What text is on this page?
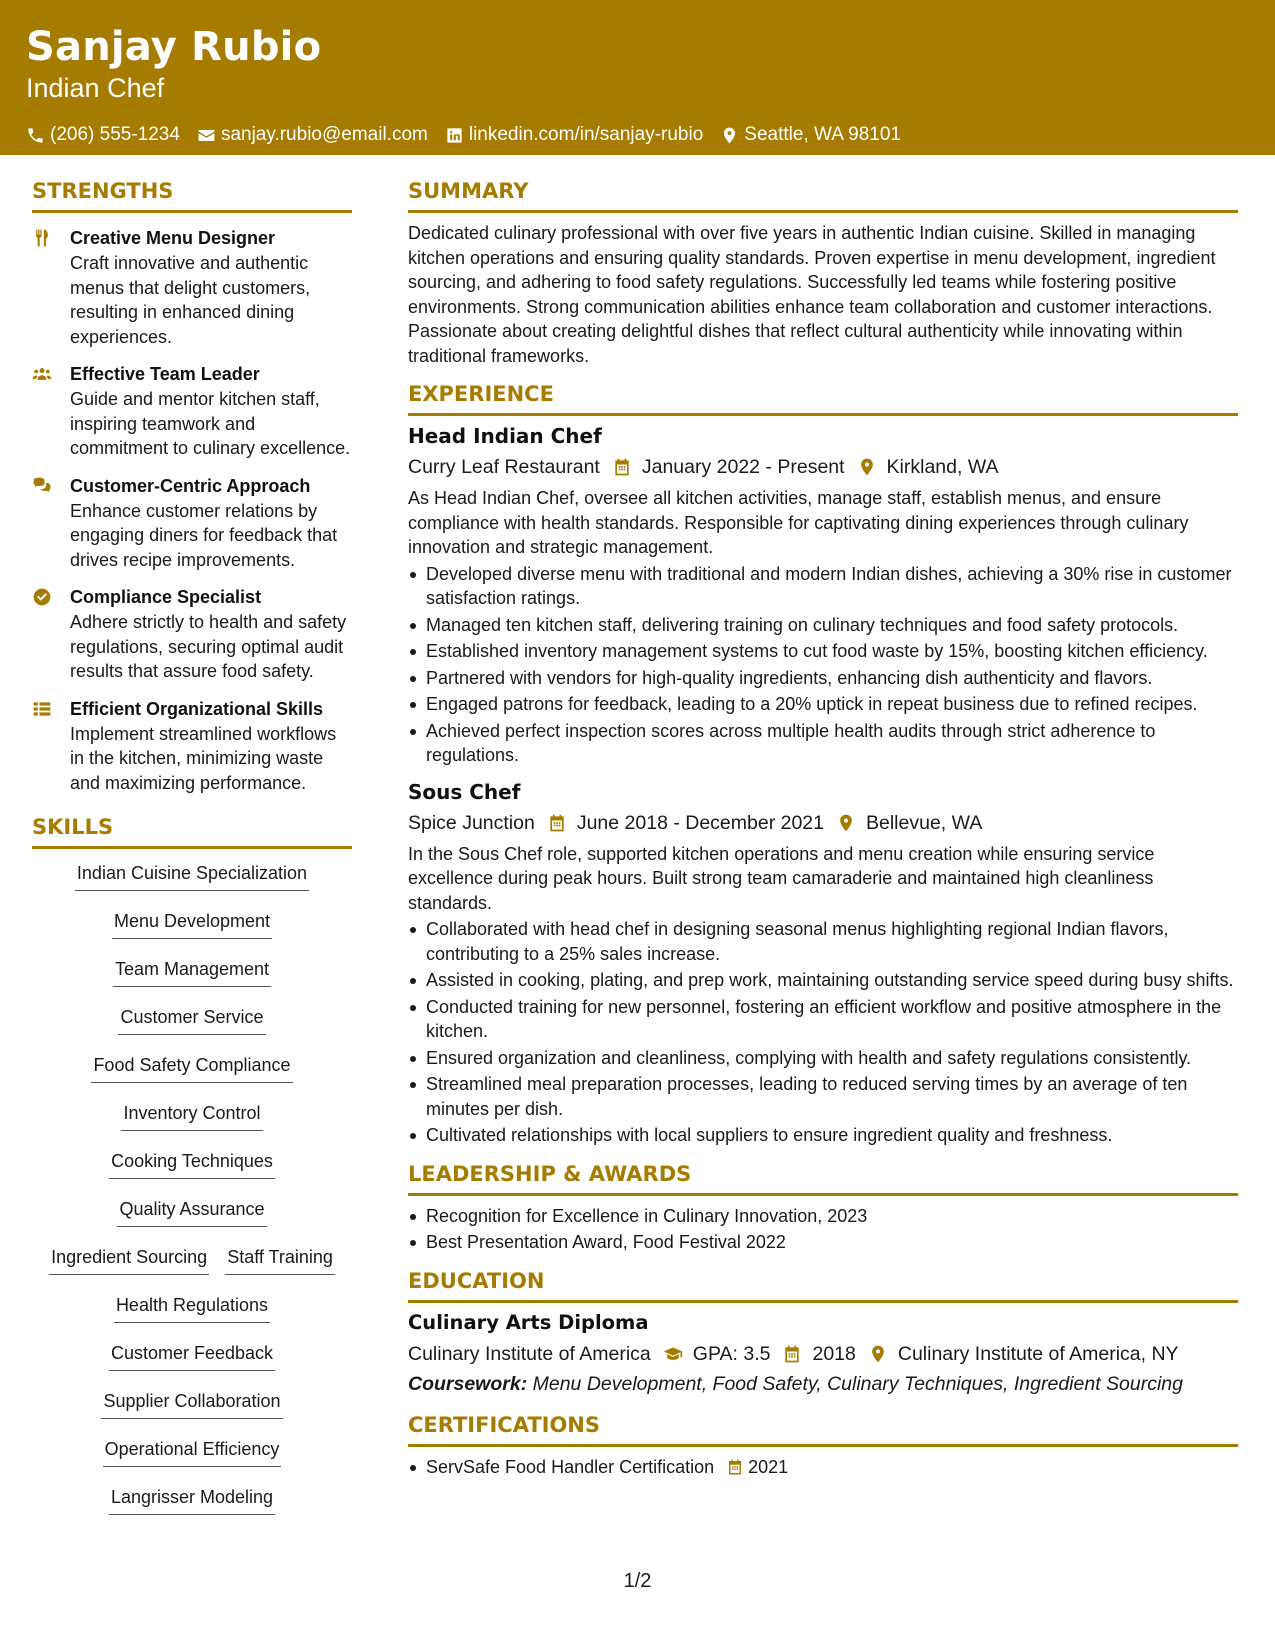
Sanjay Rubio
Indian Chef
(206) 555-1234 sanjay.rubio@email.com linkedin.com/in/sanjay-rubio Seattle, WA 98101
STRENGTHS
Creative Menu Designer
Craft innovative and authentic menus that delight customers, resulting in enhanced dining experiences.
Effective Team Leader
Guide and mentor kitchen staff, inspiring teamwork and commitment to culinary excellence.
Customer-Centric Approach
Enhance customer relations by engaging diners for feedback that drives recipe improvements.
Compliance Specialist
Adhere strictly to health and safety regulations, securing optimal audit results that assure food safety.
Efficient Organizational Skills
Implement streamlined workflows in the kitchen, minimizing waste and maximizing performance.
SKILLS
Indian Cuisine Specialization
Menu Development
Team Management
Customer Service
Food Safety Compliance
Inventory Control
Cooking Techniques
Quality Assurance
Ingredient Sourcing Staff Training
Health Regulations
Customer Feedback
Supplier Collaboration
Operational Efficiency
Langrisser Modeling
SUMMARY
Dedicated culinary professional with over five years in authentic Indian cuisine. Skilled in managing kitchen operations and ensuring quality standards. Proven expertise in menu development, ingredient sourcing, and adhering to food safety regulations. Successfully led teams while fostering positive environments. Strong communication abilities enhance team collaboration and customer interactions. Passionate about creating delightful dishes that reflect cultural authenticity while innovating within traditional frameworks.
EXPERIENCE
Head Indian Chef
Curry Leaf Restaurant January 2022 - Present Kirkland, WA
As Head Indian Chef, oversee all kitchen activities, manage staff, establish menus, and ensure compliance with health standards. Responsible for captivating dining experiences through culinary innovation and strategic management.
Developed diverse menu with traditional and modern Indian dishes, achieving a 30% rise in customer satisfaction ratings.
Managed ten kitchen staff, delivering training on culinary techniques and food safety protocols.
Established inventory management systems to cut food waste by 15%, boosting kitchen efficiency.
Partnered with vendors for high-quality ingredients, enhancing dish authenticity and flavors.
Engaged patrons for feedback, leading to a 20% uptick in repeat business due to refined recipes.
Achieved perfect inspection scores across multiple health audits through strict adherence to regulations.
Sous Chef
Spice Junction June 2018 - December 2021 Bellevue, WA
In the Sous Chef role, supported kitchen operations and menu creation while ensuring service excellence during peak hours. Built strong team camaraderie and maintained high cleanliness standards.
Collaborated with head chef in designing seasonal menus highlighting regional Indian flavors, contributing to a 25% sales increase.
Assisted in cooking, plating, and prep work, maintaining outstanding service speed during busy shifts.
Conducted training for new personnel, fostering an efficient workflow and positive atmosphere in the kitchen.
Ensured organization and cleanliness, complying with health and safety regulations consistently.
Streamlined meal preparation processes, leading to reduced serving times by an average of ten minutes per dish.
Cultivated relationships with local suppliers to ensure ingredient quality and freshness.
LEADERSHIP & AWARDS
Recognition for Excellence in Culinary Innovation, 2023
Best Presentation Award, Food Festival 2022
EDUCATION
Culinary Arts Diploma
Culinary Institute of America GPA: 3.5 2018 Culinary Institute of America, NY
Coursework: Menu Development, Food Safety, Culinary Techniques, Ingredient Sourcing
CERTIFICATIONS
ServSafe Food Handler Certification 2021
1/2
